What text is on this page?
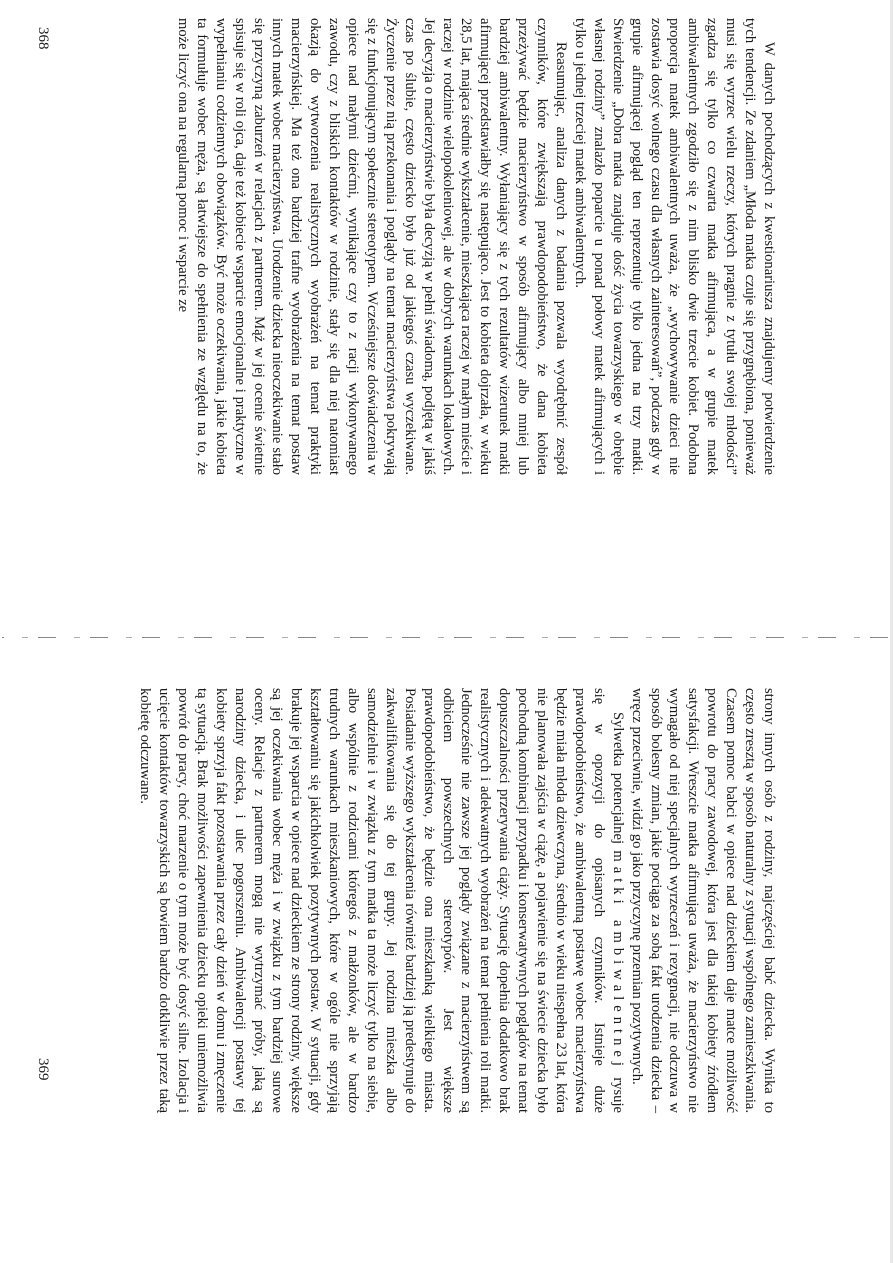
W danych pochodzących z kwestionariusza znajdujemy potwierdzenie tych tendencji. Ze zdaniem „Młoda matka czuje się przygnębiona, ponieważ musi się wyrzec wielu rzeczy, których pragnie z tytułu swojej młodości” zgadza się tylko co czwarta matka afirmująca, a w grupie matek ambiwalentnych zgodziło się z nim blisko dwie trzecie kobiet. Podobna proporcja matek ambiwalentnych uważa, że „wychowywanie dzieci nie zostawia dosyć wolnego czasu dla własnych zainteresowań”, podczas gdy w grupie afirmującej pogląd ten reprezentuje tylko jedna na trzy matki. Stwierdzenie „Dobra matka znajduje dość życia towarzyskiego w obrębie własnej rodziny” znalazło poparcie u ponad połowy matek afirmujących i tylko u jednej trzeciej matek ambiwalentnych.

Reasumując, analiza danych z badania pozwala wyodrębnić zespół czynników, które zwiększają prawdopodobieństwo, że dana kobieta przeżywać będzie macierzyństwo w sposób afirmujący albo mniej lub bardziej ambiwalentny. Wyłaniający się z tych rezultatów wizerunek matki afirmującej przedstawiałby się następująco. Jest to kobieta dojrzała, w wieku 28,5 lat, mająca średnie wykształcenie, mieszkająca raczej w małym mieście i raczej w rodzinie wielopokoleniowej, ale w dobrych warunkach lokalowych. Jej decyzja o macierzyństwie była decyzją w pełni świadomą, podjętą w jakiś czas po ślubie, często dziecko było już od jakiegoś czasu wyczekiwane. Życzenie przez nią przekonania i poglądy na temat macierzyństwa pokrywają się z funkcjonującym społecznie stereotypem. Wcześniejsze doświadczenia w opiece nad małymi dziećmi, wynikające czy to z racji wykonywanego zawodu, czy z bliskich kontaktów w rodzinie, stały się dla niej natomiast okazją do wytworzenia realistycznych wyobrażeń na temat praktyki macierzyńskiej. Ma też ona bardziej trafne wyobrażenia na temat postaw innych matek wobec macierzyństwa. Urodzenie dziecka nieoczekiwanie stało się przyczyną zaburzeń w relacjach z partnerem. Mąż w jej ocenie świetnie spisuje się w roli ojca, daje też kobiecie wsparcie emocjonalne i praktyczne w wypełnianiu codziennych obowiązków. Być może oczekiwania, jakie kobieta ta formułuje wobec męża, są łatwiejsze do spełnienia ze względu na to, że może liczyć ona na regularną pomoc i wsparcie ze

368

strony innych osób z rodziny, najczęściej babć dziecka. Wynika to często zresztą w sposób naturalny z sytuacji wspólnego zamieszkiwania. Czasem pomoc babci w opiece nad dzieckiem daje matce możliwość powrotu do pracy zawodowej, która jest dla takiej kobiety źródłem satysfakcji. Wreszcie matka afirmująca uważa, że macierzyństwo nie wymagało od niej specjalnych wyrzeczeń i rezygnacji, nie odczuwa w sposób bolesny zmian, jakie pociąga za sobą fakt urodzenia dziecka – wręcz przeciwnie, widzi go jako przyczynę przemian pozytywnych.

Sylwetka potencjalnej matki ambiwalentnej rysuje się w opozycji do opisanych czynników. Istnieje duże prawdopodobieństwo, że ambiwalentną postawę wobec macierzyństwa będzie miała młoda dziewczyna, średnio w wieku niespełna 23 lat, która nie planowała zajścia w ciążę, a pojawienie się na świecie dziecka było pochodną kombinacji przypadku i konserwatywnych poglądów na temat dopuszczalności przerywania ciąży. Sytuację dopełnia dodatkowo brak realistycznych i adekwatnych wyobrażeń na temat pełnienia roli matki. Jednocześnie nie zawsze jej poglądy związane z macierzyństwem są odbiciem powszechnych stereotypów. Jest większe prawdopodobieństwo, że będzie ona mieszkanką wielkiego miasta. Posiadanie wyższego wykształcenia również bardziej ją predestynuje do zakwalifikowania się do tej grupy. Jej rodzina mieszka albo samodzielnie i w związku z tym matka ta może liczyć tylko na siebie, albo wspólnie z rodzicami któregoś z małżonków, ale w bardzo trudnych warunkach mieszkaniowych, które w ogóle nie sprzyjają kształtowaniu się jakichkolwiek pozytywnych postaw. W sytuacji, gdy brakuje jej wsparcia w opiece nad dzieckiem ze strony rodziny, większe są jej oczekiwania wobec męża i w związku z tym bardziej surowe oceny. Relacje z partnerem mogą nie wytrzymać próby, jaką są narodziny dziecka, i ulec pogorszeniu. Ambiwalencji postawy tej kobiety sprzyja fakt pozostawania przez cały dzień w domu i zmęczenie tą sytuacją. Brak możliwości zapewnienia dziecku opieki uniemożliwia powrót do pracy, choć marzenie o tym może być dosyć silne. Izolacja i ucięcie kontaktów towarzyskich są bowiem bardzo dotkliwie przez taką kobietę odczuwane.

369
